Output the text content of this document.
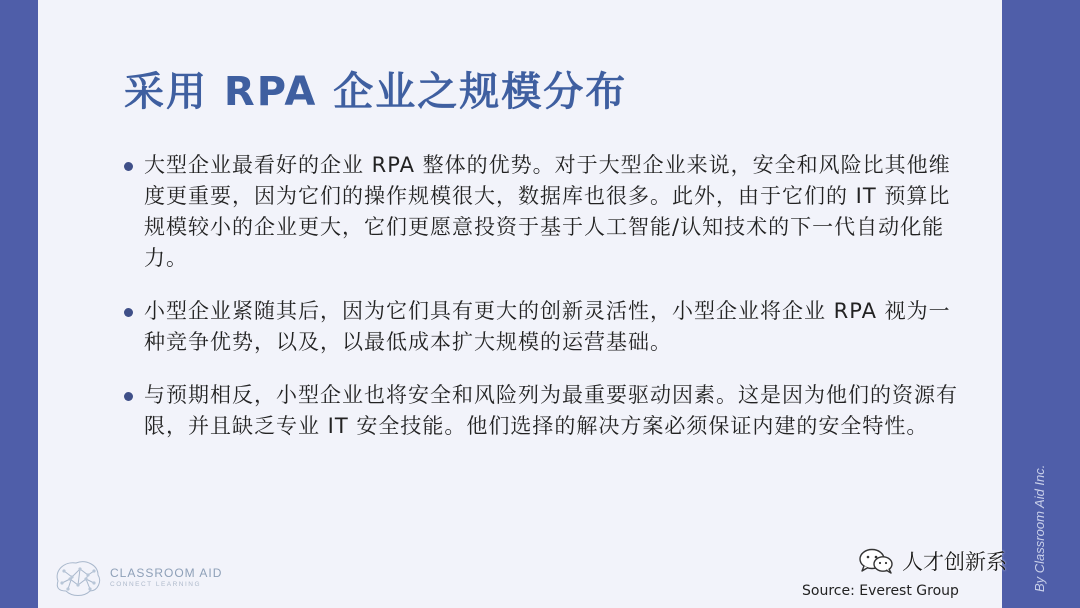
采用 RPA 企业之规模分布
大型企业最看好的企业 RPA 整体的优势。对于大型企业来说，安全和风险比其他维度更重要，因为它们的操作规模很大，数据库也很多。此外，由于它们的 IT 预算比规模较小的企业更大，它们更愿意投资于基于人工智能/认知技术的下一代自动化能力。
小型企业紧随其后，因为它们具有更大的创新灵活性，小型企业将企业 RPA 视为一种竞争优势，以及，以最低成本扩大规模的运营基础。
与预期相反，小型企业也将安全和风险列为最重要驱动因素。这是因为他们的资源有限，并且缺乏专业 IT 安全技能。他们选择的解决方案必须保证内建的安全特性。
CLASSROOM AID
CONNECT LEARNING	Source: Everest Group	By Classroom Aid Inc.
人才创新系
